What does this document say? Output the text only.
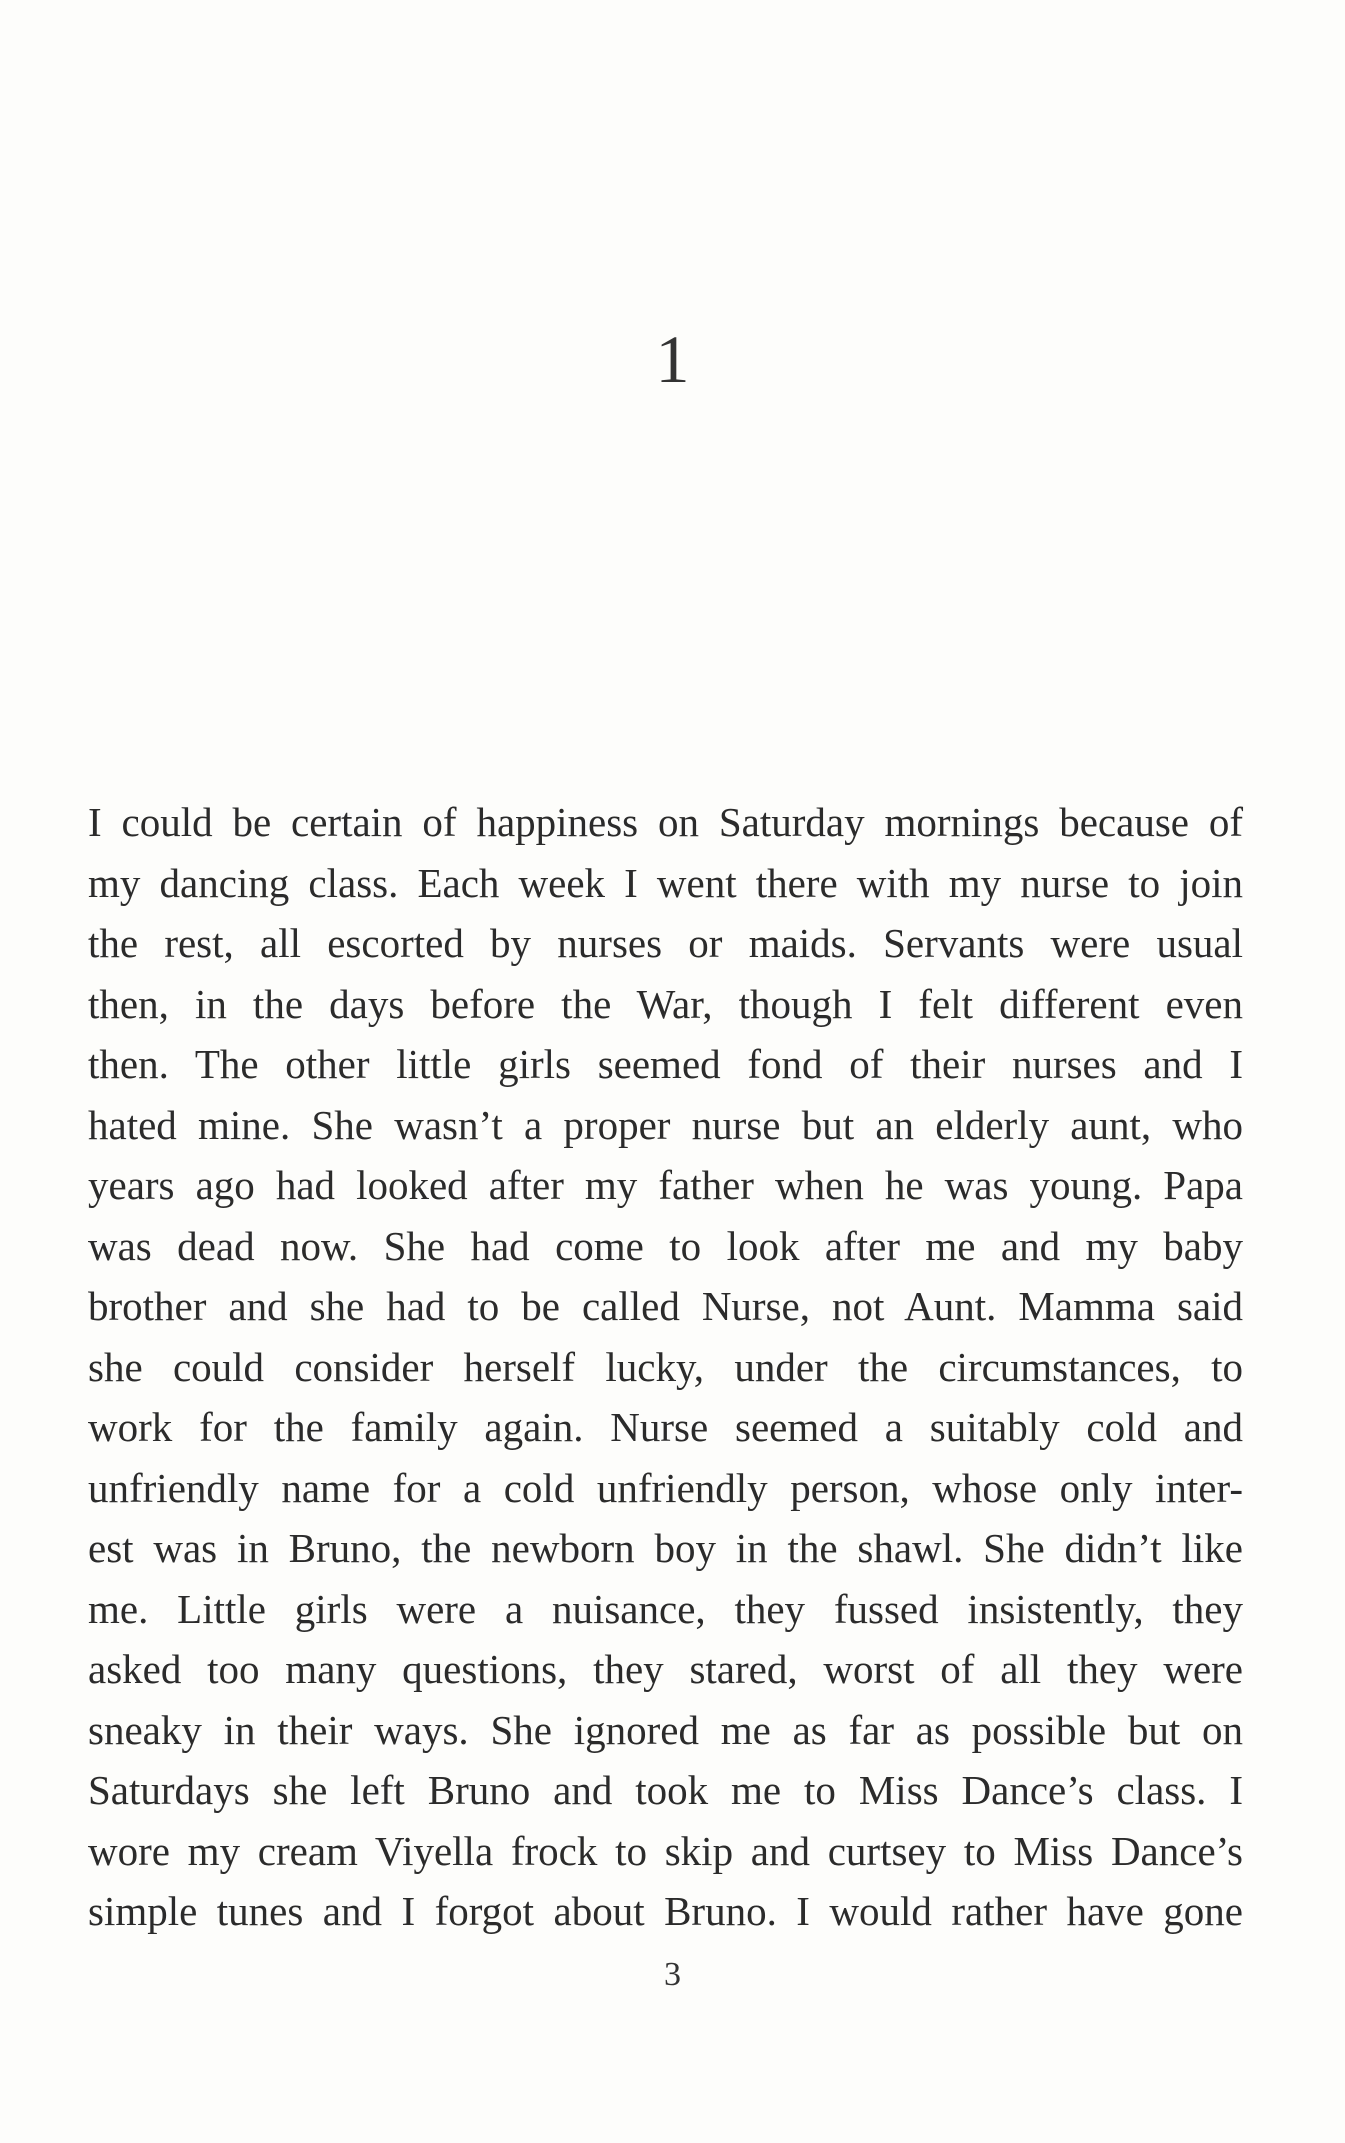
1
I could be certain of happiness on Saturday mornings because of
my dancing class. Each week I went there with my nurse to join
the rest, all escorted by nurses or maids. Servants were usual
then, in the days before the War, though I felt different even
then. The other little girls seemed fond of their nurses and I
hated mine. She wasn’t a proper nurse but an elderly aunt, who
years ago had looked after my father when he was young. Papa
was dead now. She had come to look after me and my baby
brother and she had to be called Nurse, not Aunt. Mamma said
she could consider herself lucky, under the circumstances, to
work for the family again. Nurse seemed a suitably cold and
unfriendly name for a cold unfriendly person, whose only inter-
est was in Bruno, the newborn boy in the shawl. She didn’t like
me. Little girls were a nuisance, they fussed insistently, they
asked too many questions, they stared, worst of all they were
sneaky in their ways. She ignored me as far as possible but on
Saturdays she left Bruno and took me to Miss Dance’s class. I
wore my cream Viyella frock to skip and curtsey to Miss Dance’s
simple tunes and I forgot about Bruno. I would rather have gone
3
